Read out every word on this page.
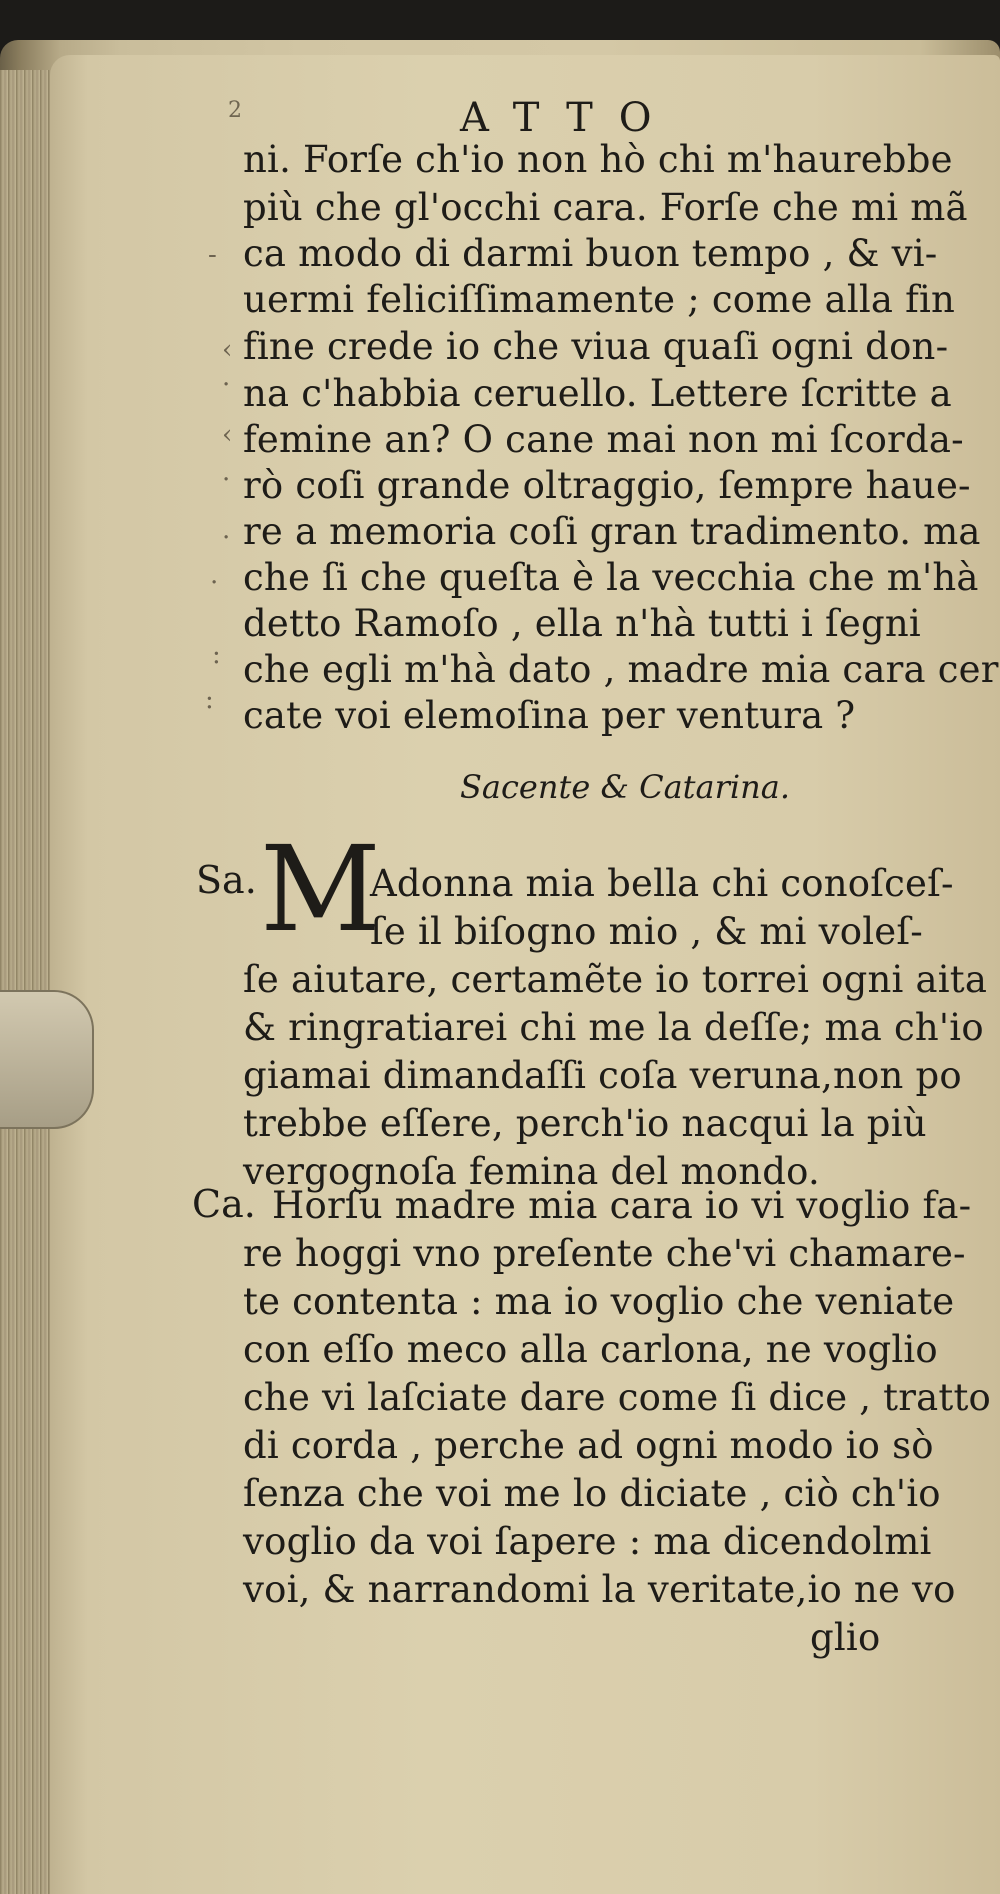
2	ATTO
-
‹
·
‹
·
.
.
:
:
ni. Forſe ch'io non hò chi m'haurebbe
più che gl'occhi cara. Forſe che mi mã
ca modo di darmi buon tempo , & vi-
uermi feliciſſimamente ; come alla fin
fine crede io che viua quaſi ogni don-
na c'habbia ceruello. Lettere ſcritte a
femine an? O cane mai non mi ſcorda-
rò coſi grande oltraggio, ſempre haue-
re a memoria coſi gran tradimento. ma
che ſi che queſta è la vecchia che m'hà
detto Ramoſo , ella n'hà tutti i ſegni
che egli m'hà dato , madre mia cara cer
cate voi elemoſina per ventura ?
Sacente & Catarina.
Sa. M
Adonna mia bella chi conoſceſ-
ſe il biſogno mio , & mi voleſ-
ſe aiutare, certamẽte io torrei ogni aita
& ringratiarei chi me la deſſe; ma ch'io
giamai dimandaſſi coſa veruna,non po
trebbe eſſere, perch'io nacqui la più
vergognoſa femina del mondo.
Ca. Horſu madre mia cara io vi voglio fa-
re hoggi vno preſente che'vi chamare-
te contenta : ma io voglio che veniate
con eſſo meco alla carlona, ne voglio
che vi laſciate dare come ſi dice , tratto
di corda , perche ad ogni modo io sò
ſenza che voi me lo diciate , ciò ch'io
voglio da voi ſapere : ma dicendolmi
voi, & narrandomi la veritate,io ne vo
glio
